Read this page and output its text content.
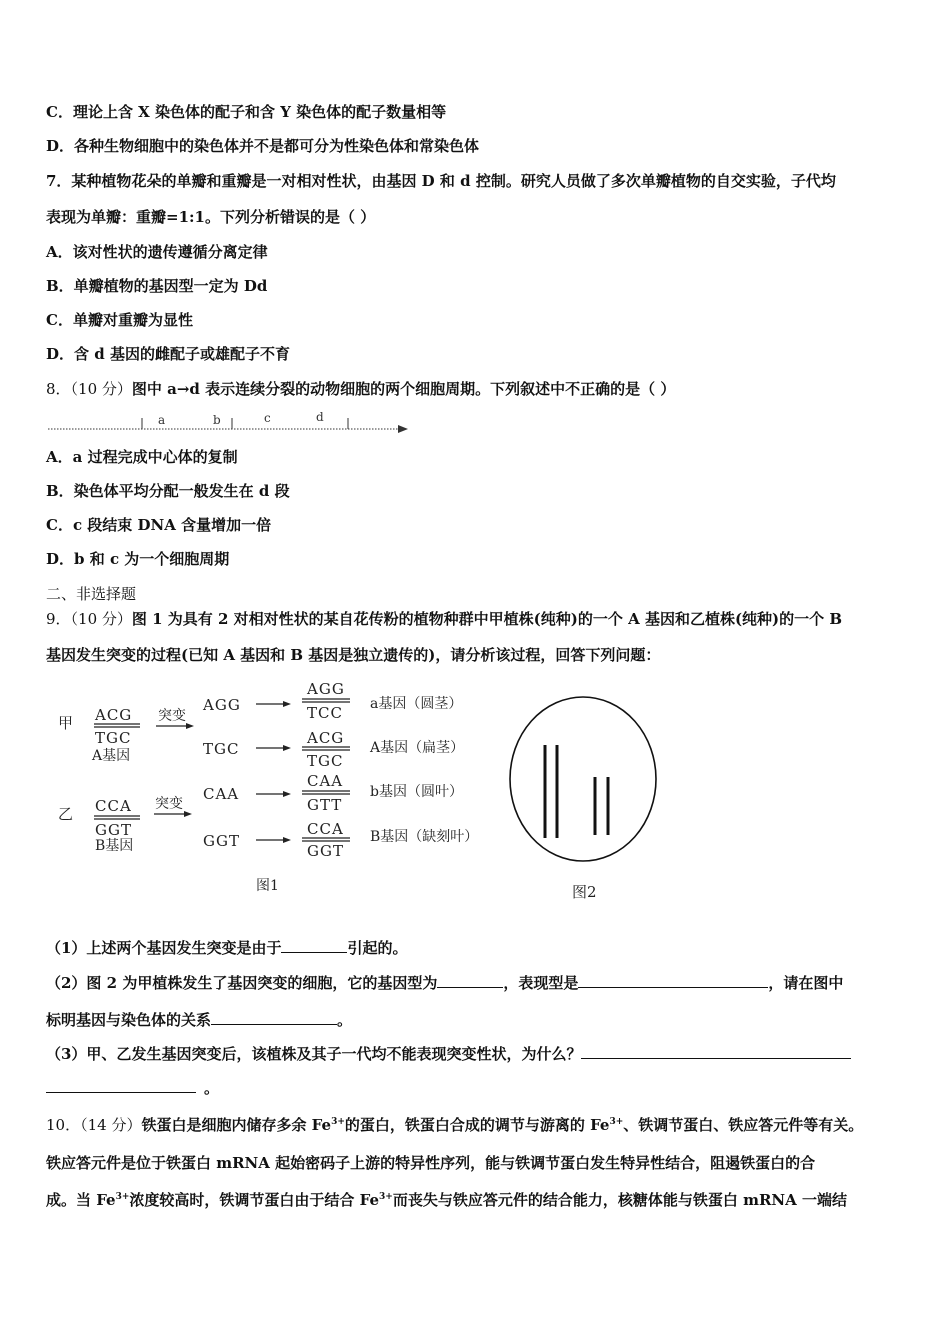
C．理论上含 X 染色体的配子和含 Y 染色体的配子数量相等
D．各种生物细胞中的染色体并不是都可分为性染色体和常染色体
7．某种植物花朵的单瓣和重瓣是一对相对性状，由基因 D 和 d 控制。研究人员做了多次单瓣植物的自交实验，子代均
表现为单瓣：重瓣=1:1。下列分析错误的是（ ）
A．该对性状的遗传遵循分离定律
B．单瓣植物的基因型一定为 Dd
C．单瓣对重瓣为显性
D．含 d 基因的雌配子或雄配子不育
8．（10 分）图中 a→d 表示连续分裂的动物细胞的两个细胞周期。下列叙述中不正确的是（ ）
a	b	c	d
A．a 过程完成中心体的复制
B．染色体平均分配一般发生在 d 段
C．c 段结束 DNA 含量增加一倍
D．b 和 c 为一个细胞周期
二、非选择题
9．（10 分）图 1 为具有 2 对相对性状的某自花传粉的植物种群中甲植株(纯种)的一个 A 基因和乙植株(纯种)的一个 B
基因发生突变的过程(已知 A 基因和 B 基因是独立遗传的)，请分析该过程，回答下列问题：
甲
乙
ACG
TGC
A基因
突变
AGG
AGG
TCC a基因（圆茎）
TGC
ACG
TGC
A基因（扁茎）
CCA
GGT
B基因
突变
CAA
CAA
GTT
b基因（圆叶）
GGT
CCA
GGT
B基因（缺刻叶）
图1	图2
（1）上述两个基因发生突变是由于	引起的。
（2）图 2 为甲植株发生了基因突变的细胞，它的基因型为	，表现型是	，请在图中
标明基因与染色体的关系	。
（3）甲、乙发生基因突变后，该植株及其子一代均不能表现突变性状，为什么？
。
10．（14 分）铁蛋白是细胞内储存多余 $Fe^{3+}$的蛋白，铁蛋白合成的调节与游离的 $Fe^{3+}$、铁调节蛋白、铁应答元件等有关。
铁应答元件是位于铁蛋白 mRNA 起始密码子上游的特异性序列，能与铁调节蛋白发生特异性结合，阻遏铁蛋白的合
成。当 $Fe^{3+}$浓度较高时，铁调节蛋白由于结合 $Fe^{3+}$而丧失与铁应答元件的结合能力，核糖体能与铁蛋白 mRNA 一端结
